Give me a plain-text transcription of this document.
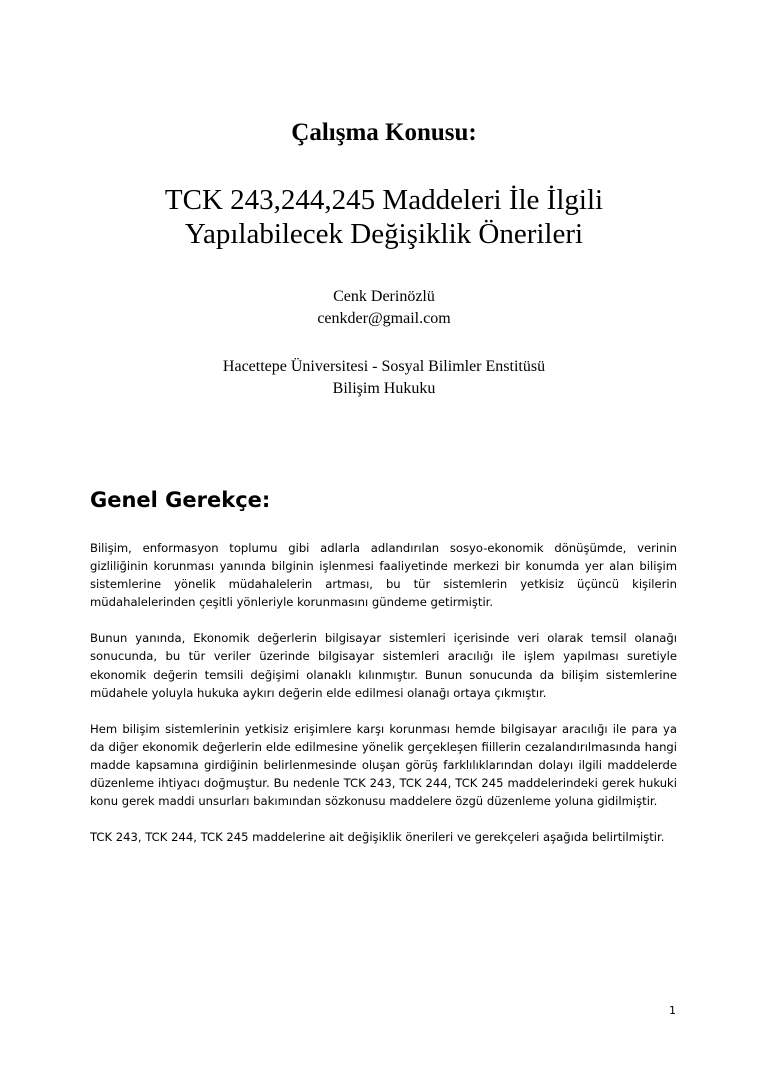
Çalışma Konusu:
TCK 243,244,245 Maddeleri İle İlgili
Yapılabilecek Değişiklik Önerileri
Cenk Derinözlü
cenkder@gmail.com
Hacettepe Üniversitesi - Sosyal Bilimler Enstitüsü
Bilişim Hukuku
Genel Gerekçe:

Bilişim, enformasyon toplumu gibi adlarla adlandırılan sosyo-ekonomik dönüşümde, verinin gizliliğinin korunması yanında bilginin işlenmesi faaliyetinde merkezi bir konumda yer alan bilişim sistemlerine yönelik müdahalelerin artması, bu tür sistemlerin yetkisiz üçüncü kişilerin müdahalelerinden çeşitli yönleriyle korunmasını gündeme getirmiştir.

Bunun yanında, Ekonomik değerlerin bilgisayar sistemleri içerisinde veri olarak temsil olanağı sonucunda, bu tür veriler üzerinde bilgisayar sistemleri aracılığı ile işlem yapılması suretiyle ekonomik değerin temsili değişimi olanaklı kılınmıştır. Bunun sonucunda da bilişim sistemlerine müdahele yoluyla hukuka aykırı değerin elde edilmesi olanağı ortaya çıkmıştır.

Hem bilişim sistemlerinin yetkisiz erişimlere karşı korunması hemde bilgisayar aracılığı ile para ya da diğer ekonomik değerlerin elde edilmesine yönelik gerçekleşen fiillerin cezalandırılmasında hangi madde kapsamına girdiğinin belirlenmesinde oluşan görüş farklılıklarından dolayı ilgili maddelerde düzenleme ihtiyacı doğmuştur. Bu nedenle TCK 243, TCK 244, TCK 245 maddelerindeki gerek hukuki konu gerek maddi unsurları bakımından sözkonusu maddelere özgü düzenleme yoluna gidilmiştir.

TCK 243, TCK 244, TCK 245 maddelerine ait değişiklik önerileri ve gerekçeleri aşağıda belirtilmiştir.

1
